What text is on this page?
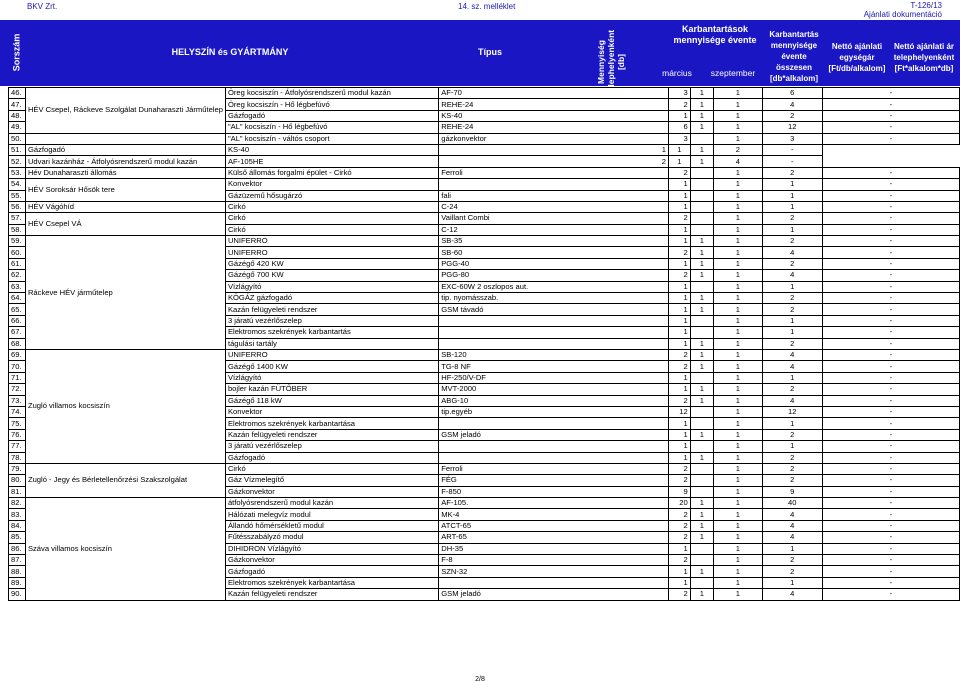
BKV Zrt.	14. sz. melléklet	T-126/13
Ajánlati dokumentáció
Sorszám	HELYSZÍN és GYÁRTMÁNY	Típus	Mennyiség telephelyenként [db]
Karbantartások mennyisége évente
március	szeptember
Karbantartás mennyisége évente összesen [db*alkalom]
Nettó ajánlati egységár [Ft/db/alkalom]
Nettó ajánlati ár telephelyenként [Ft*alkalom*db]
46.	HÉV Csepel, Ráckeve Szolgálat Dunaharaszti Járműtelep	Öreg kocsiszín - Átfolyósrendszerű modul kazán	AF-70	3	1	1	6	-
47.		Öreg kocsiszín - Hő légbefúvó	REHE-24	2	1	1	4	-
48.		Gázfogadó	KS-40	1	1	1	2	-
49.		"AL" kocsiszín - Hő légbefúvó	REHE-24	6	1	1	12	-
50.		"AL" kocsiszín - váltós csoport	gázkonvektor	3		1	3	-
51.	Gázfogadó	KS-40	1	1	1	2	-	
52.	Udvari kazánház - Átfolyósrendszerű modul kazán	AF-105HE	2	1	1	4	-	
53.	Hév Dunaharaszti állomás	Külső állomás forgalmi épület - Cirkó	Ferroli	2		1	2	-
54.	HÉV Soroksár Hősök tere	Konvektor		1		1	1	-
55.		Gázüzemű hősugárzó	fali	1		1	1	-
56.	HÉV Vágóhíd	Cirkó	C-24	1		1	1	-
57.	HÉV Csepel VÁ	Cirkó	Vaillant Combi	2		1	2	-
58.		Cirkó	C-12	1		1	1	-
59.	Ráckeve HÉV járműtelep	UNIFERRO	SB-35	1	1	1	2	-
60.		UNIFERRO	SB-60	2	1	1	4	-
61.		Gázégő 420 KW	PGG-40	1	1	1	2	-
62.		Gázégő 700 KW	PGG-80	2	1	1	4	-
63.		Vízlágyító	EXC-60W 2 oszlopos aut.	1		1	1	-
64.		KÖGÁZ gázfogadó	tip. nyomásszab.	1	1	1	2	-
65.		Kazán felügyeleti rendszer	GSM távadó	1	1	1	2	-
66.		3 járatú vezérlőszelep		1		1	1	-
67.		Elektromos szekrények karbantartás		1		1	1	-
68.		tágulási tartály		1	1	1	2	-
69.	Zugló villamos kocsiszín	UNIFERRO	SB-120	2	1	1	4	-
70.		Gázégő 1400 KW	TG-8 NF	2	1	1	4	-
71.		Vízlágyító	HF-250/V-DF	1		1	1	-
72.		bojler kazán FÜTŐBER	MVT-2000	1	1	1	2	-
73.		Gázégő 118 kW	ABG-10	2	1	1	4	-
74.		Konvektor	tip.egyéb	12		1	12	-
75.		Elektromos szekrények karbantartása		1		1	1	-
76.		Kazán felügyeleti rendszer	GSM jeladó	1	1	1	2	-
77.		3 járatú vezérlőszelep		1		1	1	-
78.		Gázfogadó		1	1	1	2	-
79.	Zugló - Jegy és Bérletellenőrzési Szakszolgálat	Cirkó	Ferroli	2		1	2	-
80.		Gáz Vízmelegítő	FÉG	2		1	2	-
81.		Gázkonvektor	F-850	9		1	9	-
82.	Száva villamos kocsiszín	átfolyósrendszerű modul kazán	AF-105.	20	1	1	40	-
83.		Hálózati melegvíz modul	MK-4	2	1	1	4	-
84.		Állandó hőmérsékletű modul	ATCT-65	2	1	1	4	-
85.		Fűtésszabályzó modul	ART-65	2	1	1	4	-
86.		DIHIDRON Vízlágyító	DH-35	1		1	1	-
87.		Gázkonvektor	F-8	2		1	2	-
88.		Gázfogadó	SZN-32	1	1	1	2	-
89.		Elektromos szekrények karbantartása		1		1	1	-
90.		Kazán felügyeleti rendszer	GSM jeladó	2	1	1	4	-
2/8
